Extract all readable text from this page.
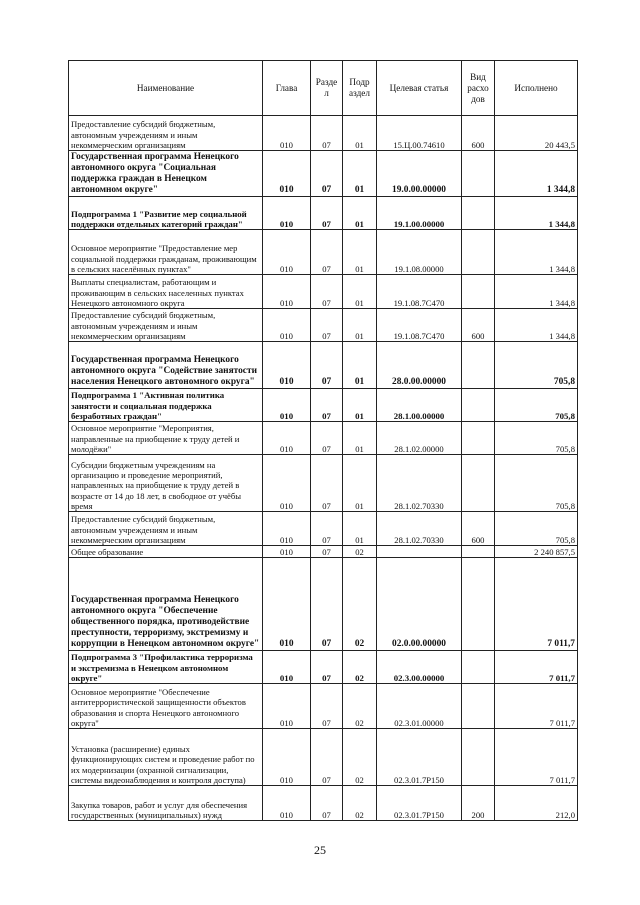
Наименование	Глава	Разде л	Подр аздел	Целевая статья	Вид расхо дов	Исполнено
Предоставление субсидий бюджетным, автономным учреждениям и иным некоммерческим организациям	010	07	01	15.Ц.00.74610	600	20 443,5
Государственная программа Ненецкого автономного округа "Социальная поддержка граждан в Ненецком автономном округе"	010	07	01	19.0.00.00000		1 344,8
Подпрограмма 1 "Развитие мер социальной поддержки отдельных категорий граждан"	010	07	01	19.1.00.00000		1 344,8
Основное мероприятие "Предоставление мер социальной поддержки гражданам, проживающим в сельских населённых пунктах"	010	07	01	19.1.08.00000		1 344,8
Выплаты специалистам, работающим и проживающим в сельских населенных пунктах Ненецкого автономного округа	010	07	01	19.1.08.7С470		1 344,8
Предоставление субсидий бюджетным, автономным учреждениям и иным некоммерческим организациям	010	07	01	19.1.08.7С470	600	1 344,8
Государственная программа Ненецкого автономного округа "Содействие занятости населения Ненецкого автономного округа"	010	07	01	28.0.00.00000		705,8
Подпрограмма 1 "Активная политика занятости и социальная поддержка безработных граждан"	010	07	01	28.1.00.00000		705,8
Основное мероприятие "Мероприятия, направленные на приобщение к труду детей и молодёжи"	010	07	01	28.1.02.00000		705,8
Субсидии бюджетным учреждениям на организацию и проведение мероприятий, направленных на приобщение к труду детей в возрасте от 14 до 18 лет, в свободное от учёбы время	010	07	01	28.1.02.70330		705,8
Предоставление субсидий бюджетным, автономным учреждениям и иным некоммерческим организациям	010	07	01	28.1.02.70330	600	705,8
Общее образование	010	07	02			2 240 857,5
Государственная программа Ненецкого автономного округа "Обеспечение общественного порядка, противодействие преступности, терроризму, экстремизму и коррупции в Ненецком автономном округе"	010	07	02	02.0.00.00000		7 011,7
Подпрограмма 3 "Профилактика терроризма и экстремизма в Ненецком автономном округе"	010	07	02	02.3.00.00000		7 011,7
Основное мероприятие "Обеспечение антитеррористической защищенности объектов образования и спорта Ненецкого автономного округа"	010	07	02	02.3.01.00000		7 011,7
Установка (расширение) единых функционирующих систем и проведение работ по их модернизации (охранной сигнализации, системы видеонаблюдения и контроля доступа)	010	07	02	02.3.01.7Р150		7 011,7
Закупка товаров, работ и услуг для обеспечения государственных (муниципальных) нужд	010	07	02	02.3.01.7Р150	200	212,0
25
